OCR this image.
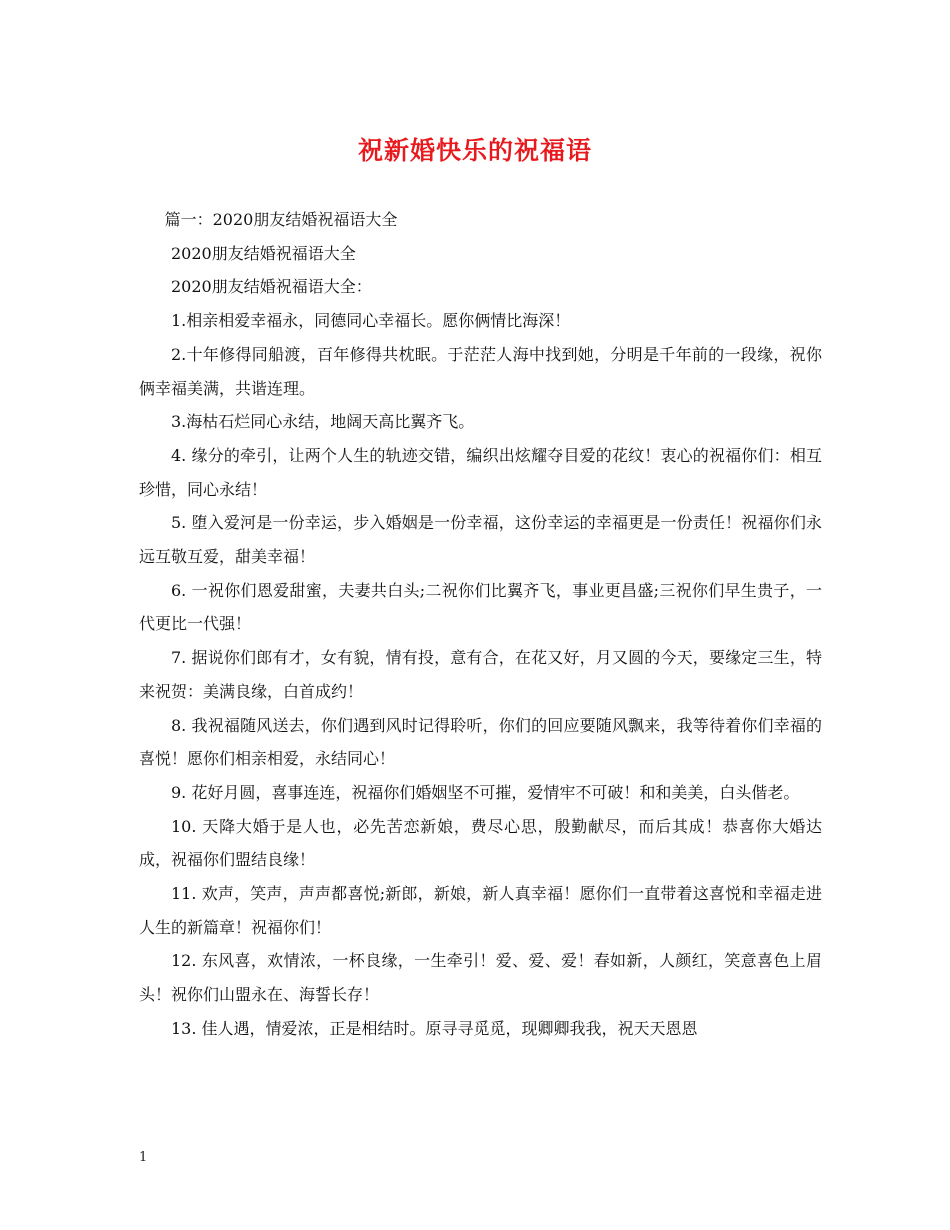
祝新婚快乐的祝福语

篇一：2020朋友结婚祝福语大全

2020朋友结婚祝福语大全

2020朋友结婚祝福语大全：

1.相亲相爱幸福永，同德同心幸福长。愿你俩情比海深！

2.十年修得同船渡，百年修得共枕眠。于茫茫人海中找到她，分明是千年前的一段缘，祝你俩幸福美满，共谐连理。

3.海枯石烂同心永结，地阔天高比翼齐飞。

4. 缘分的牵引，让两个人生的轨迹交错，编织出炫耀夺目爱的花纹！衷心的祝福你们：相互珍惜，同心永结！

5. 堕入爱河是一份幸运，步入婚姻是一份幸福，这份幸运的幸福更是一份责任！祝福你们永远互敬互爱，甜美幸福！

6. 一祝你们恩爱甜蜜，夫妻共白头;二祝你们比翼齐飞，事业更昌盛;三祝你们早生贵子，一代更比一代强！

7. 据说你们郎有才，女有貌，情有投，意有合，在花又好，月又圆的今天，要缘定三生，特来祝贺：美满良缘，白首成约！

8. 我祝福随风送去，你们遇到风时记得聆听，你们的回应要随风飘来，我等待着你们幸福的喜悦！愿你们相亲相爱，永结同心！

9. 花好月圆，喜事连连，祝福你们婚姻坚不可摧，爱情牢不可破！和和美美，白头偕老。

10. 天降大婚于是人也，必先苦恋新娘，费尽心思，殷勤献尽，而后其成！恭喜你大婚达成，祝福你们盟结良缘！

11. 欢声，笑声，声声都喜悦;新郎，新娘，新人真幸福！愿你们一直带着这喜悦和幸福走进人生的新篇章！祝福你们！

12. 东风喜，欢情浓，一杯良缘，一生牵引！爱、爱、爱！春如新，人颜红，笑意喜色上眉头！祝你们山盟永在、海誓长存！

13. 佳人遇，情爱浓，正是相结时。原寻寻觅觅，现卿卿我我，祝天天恩恩

1
